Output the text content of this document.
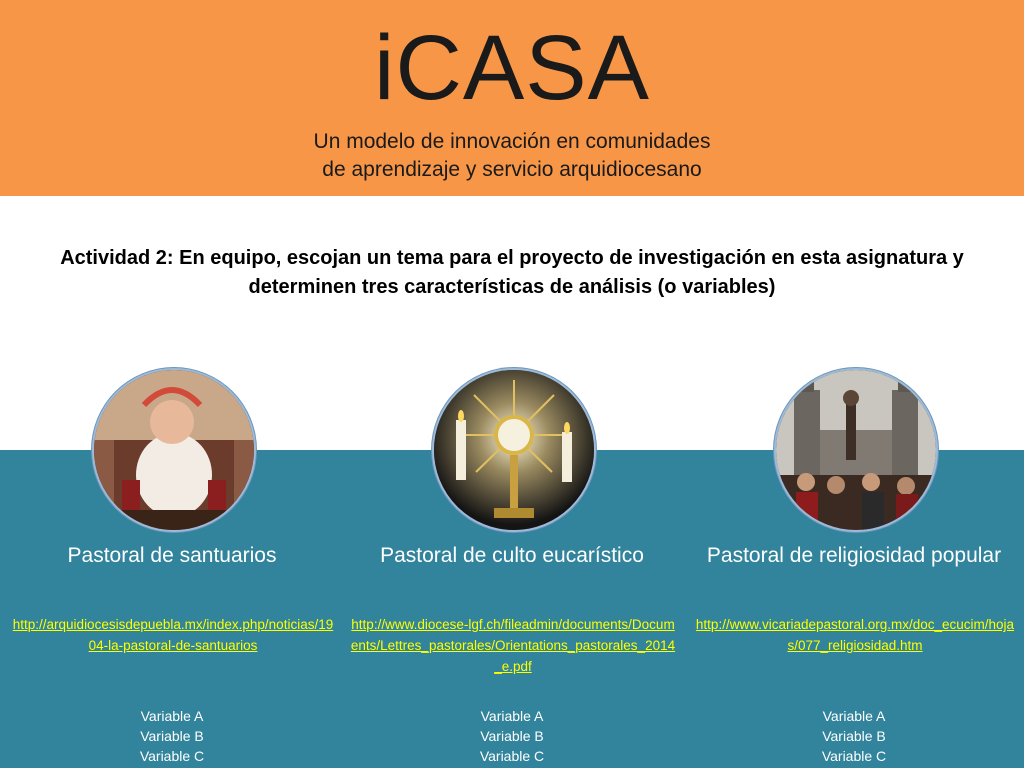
iCASA
Un modelo de innovación en comunidades
de aprendizaje y servicio arquidiocesano
Actividad 2: En equipo, escojan un tema para el proyecto de investigación en esta asignatura y
determinen tres características de análisis (o variables)
Pastoral de santuarios
http://arquidiocesisdepuebla.mx/index.php/noticias/1904-la-pastoral-de-santuarios
Variable A
Variable B
Variable C
Pastoral de culto eucarístico
http://www.diocese-lgf.ch/fileadmin/documents/Documents/Lettres_pastorales/Orientations_pastorales_2014_e.pdf
Variable A
Variable B
Variable C
Pastoral de religiosidad popular
http://www.vicariadepastoral.org.mx/doc_ecucim/hojas/077_religiosidad.htm
Variable A
Variable B
Variable C
